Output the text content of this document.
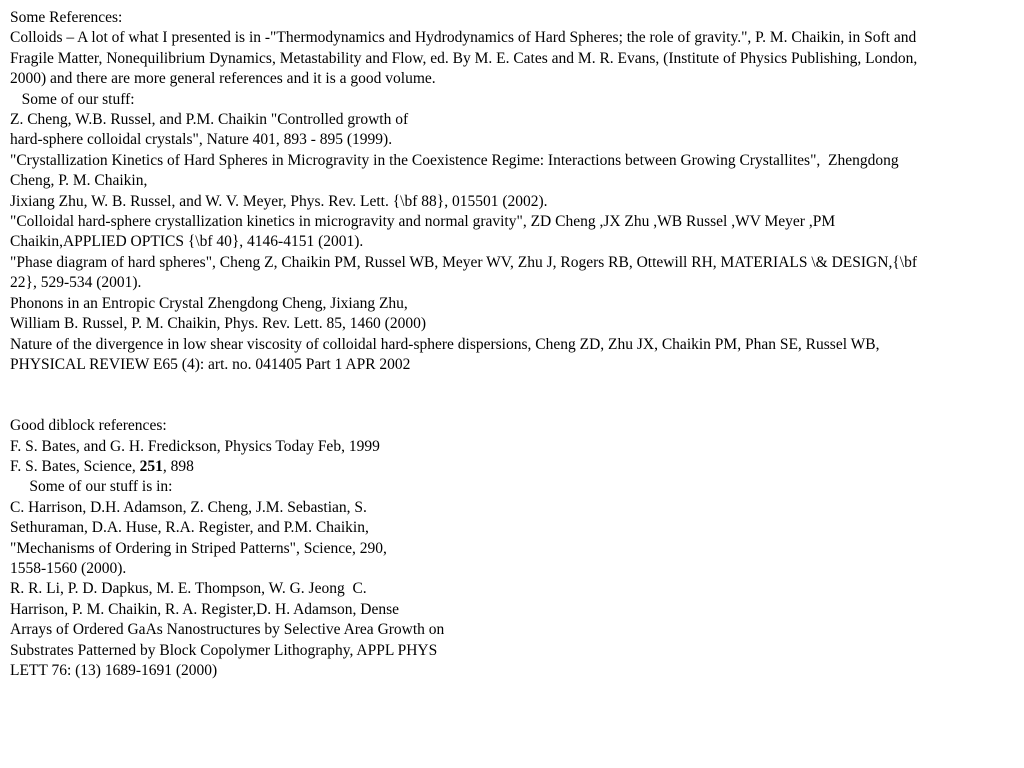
Some References:
Colloids – A lot of what I presented is in -"Thermodynamics and Hydrodynamics of Hard Spheres; the role of gravity.", P. M. Chaikin, in Soft and
Fragile Matter, Nonequilibrium Dynamics, Metastability and Flow, ed. By M. E. Cates and M. R. Evans, (Institute of Physics Publishing, London,
2000) and there are more general references and it is a good volume.
Some of our stuff:
Z. Cheng, W.B. Russel, and P.M. Chaikin "Controlled growth of
hard-sphere colloidal crystals", Nature 401, 893 - 895 (1999).
"Crystallization Kinetics of Hard Spheres in Microgravity in the Coexistence Regime: Interactions between Growing Crystallites",  Zhengdong
Cheng, P. M. Chaikin,
Jixiang Zhu, W. B. Russel, and W. V. Meyer, Phys. Rev. Lett. {\bf 88}, 015501 (2002).
"Colloidal hard-sphere crystallization kinetics in microgravity and normal gravity", ZD Cheng ,JX Zhu ,WB Russel ,WV Meyer ,PM
Chaikin,APPLIED OPTICS {\bf 40}, 4146-4151 (2001).
"Phase diagram of hard spheres", Cheng Z, Chaikin PM, Russel WB, Meyer WV, Zhu J, Rogers RB, Ottewill RH, MATERIALS \& DESIGN,{\bf
22}, 529-534 (2001).
Phonons in an Entropic Crystal Zhengdong Cheng, Jixiang Zhu,
William B. Russel, P. M. Chaikin, Phys. Rev. Lett. 85, 1460 (2000)
Nature of the divergence in low shear viscosity of colloidal hard-sphere dispersions, Cheng ZD, Zhu JX, Chaikin PM, Phan SE, Russel WB,
PHYSICAL REVIEW E65 (4): art. no. 041405 Part 1 APR 2002
Good diblock references:
F. S. Bates, and G. H. Fredickson, Physics Today Feb, 1999
F. S. Bates, Science, 251, 898
Some of our stuff is in:
C. Harrison, D.H. Adamson, Z. Cheng, J.M. Sebastian, S.
Sethuraman, D.A. Huse, R.A. Register, and P.M. Chaikin,
"Mechanisms of Ordering in Striped Patterns", Science, 290,
1558-1560 (2000).
R. R. Li, P. D. Dapkus, M. E. Thompson, W. G. Jeong  C.
Harrison, P. M. Chaikin, R. A. Register,D. H. Adamson, Dense
Arrays of Ordered GaAs Nanostructures by Selective Area Growth on
Substrates Patterned by Block Copolymer Lithography, APPL PHYS
LETT 76: (13) 1689-1691 (2000)
